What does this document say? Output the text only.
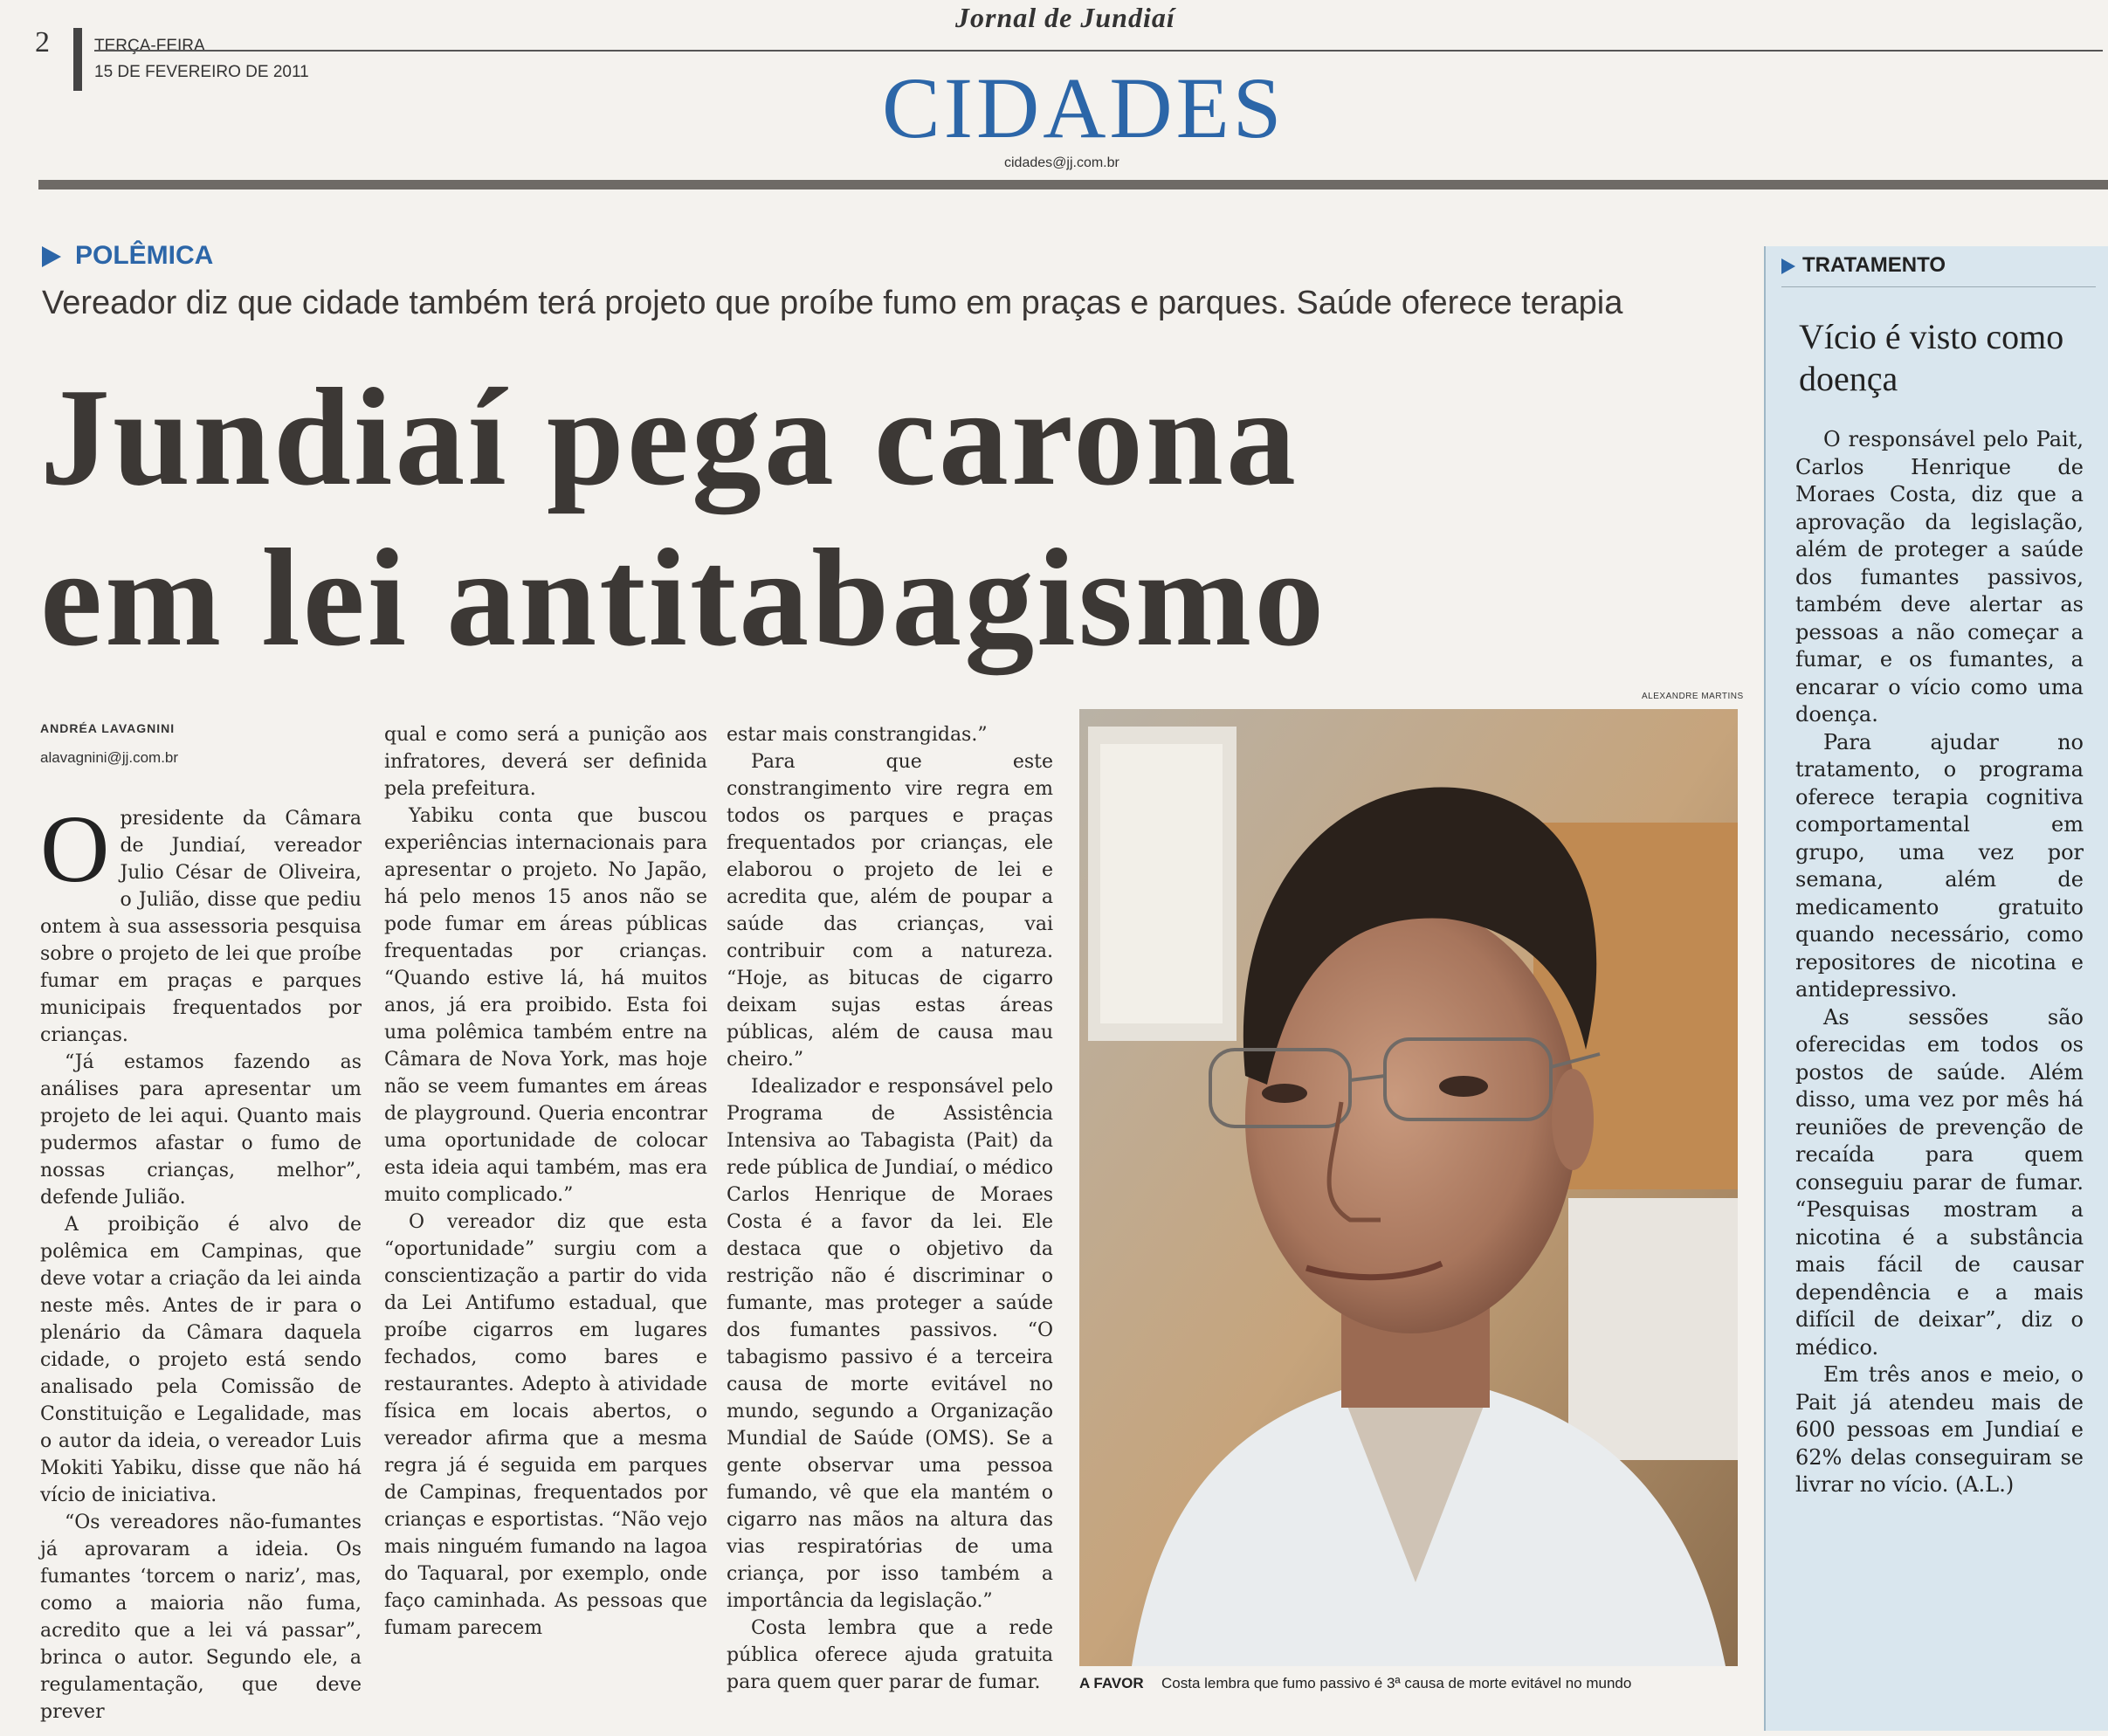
2	TERÇA-FEIRA
15 DE FEVEREIRO DE 2011
Jornal de Jundiaí
CIDADES
cidades@jj.com.br
POLÊMICA
Vereador diz que cidade também terá projeto que proíbe fumo em praças e parques. Saúde oferece terapia
Jundiaí pega carona
em lei antitabagismo
ANDRÉA LAVAGNINI
alavagnini@jj.com.br

Opresidente da Câmara de Jundiaí, vereador Julio César de Oliveira, o Julião, disse que pediu ontem à sua assessoria pesquisa sobre o projeto de lei que proíbe fumar em praças e parques municipais frequentados por crianças.

“Já estamos fazendo as análises para apresentar um projeto de lei aqui. Quanto mais pudermos afastar o fumo de nossas crianças, melhor”, defende Julião.

A proibição é alvo de polêmica em Campinas, que deve votar a criação da lei ainda neste mês. Antes de ir para o plenário da Câmara daquela cidade, o projeto está sendo analisado pela Comissão de Constituição e Legalidade, mas o autor da ideia, o vereador Luis Mokiti Yabiku, disse que não há vício de iniciativa.

“Os vereadores não-fumantes já aprovaram a ideia. Os fumantes ‘torcem o nariz’, mas, como a maioria não fuma, acredito que a lei vá passar”, brinca o autor. Segundo ele, a regulamentação, que deve prever

qual e como será a punição aos infratores, deverá ser definida pela prefeitura.

Yabiku conta que buscou experiências internacionais para apresentar o projeto. No Japão, há pelo menos 15 anos não se pode fumar em áreas públicas frequentadas por crianças. “Quando estive lá, há muitos anos, já era proibido. Esta foi uma polêmica também entre na Câmara de Nova York, mas hoje não se veem fumantes em áreas de playground. Queria encontrar uma oportunidade de colocar esta ideia aqui também, mas era muito complicado.”

O vereador diz que esta “oportunidade” surgiu com a conscientização a partir do vida da Lei Antifumo estadual, que proíbe cigarros em lugares fechados, como bares e restaurantes. Adepto à atividade física em locais abertos, o vereador afirma que a mesma regra já é seguida em parques de Campinas, frequentados por crianças e esportistas. “Não vejo mais ninguém fumando na lagoa do Taquaral, por exemplo, onde faço caminhada. As pessoas que fumam parecem

estar mais constrangidas.”

Para que este constrangimento vire regra em todos os parques e praças frequentados por crianças, ele elaborou o projeto de lei e acredita que, além de poupar a saúde das crianças, vai contribuir com a natureza. “Hoje, as bitucas de cigarro deixam sujas estas áreas públicas, além de causa mau cheiro.”

Idealizador e responsável pelo Programa de Assistência Intensiva ao Tabagista (Pait) da rede pública de Jundiaí, o médico Carlos Henrique de Moraes Costa é a favor da lei. Ele destaca que o objetivo da restrição não é discriminar o fumante, mas proteger a saúde dos fumantes passivos. “O tabagismo passivo é a terceira causa de morte evitável no mundo, segundo a Organização Mundial de Saúde (OMS). Se a gente observar uma pessoa fumando, vê que ela mantém o cigarro nas mãos na altura das vias respiratórias de uma criança, por isso também a importância da legislação.”

Costa lembra que a rede pública oferece ajuda gratuita para quem quer parar de fumar.

ALEXANDRE MARTINS
A FAVOR Costa lembra que fumo passivo é 3ª causa de morte evitável no mundo
TRATAMENTO
Vício é visto como doença

O responsável pelo Pait, Carlos Henrique de Moraes Costa, diz que a aprovação da legislação, além de proteger a saúde dos fumantes passivos, também deve alertar as pessoas a não começar a fumar, e os fumantes, a encarar o vício como uma doença.

Para ajudar no tratamento, o programa oferece terapia cognitiva comportamental em grupo, uma vez por semana, além de medicamento gratuito quando necessário, como repositores de nicotina e antidepressivo.

As sessões são oferecidas em todos os postos de saúde. Além disso, uma vez por mês há reuniões de prevenção de recaída para quem conseguiu parar de fumar. “Pesquisas mostram a nicotina é a substância mais fácil de causar dependência e a mais difícil de deixar”, diz o médico.

Em três anos e meio, o Pait já atendeu mais de 600 pessoas em Jundiaí e 62% delas conseguiram se livrar no vício. (A.L.)
